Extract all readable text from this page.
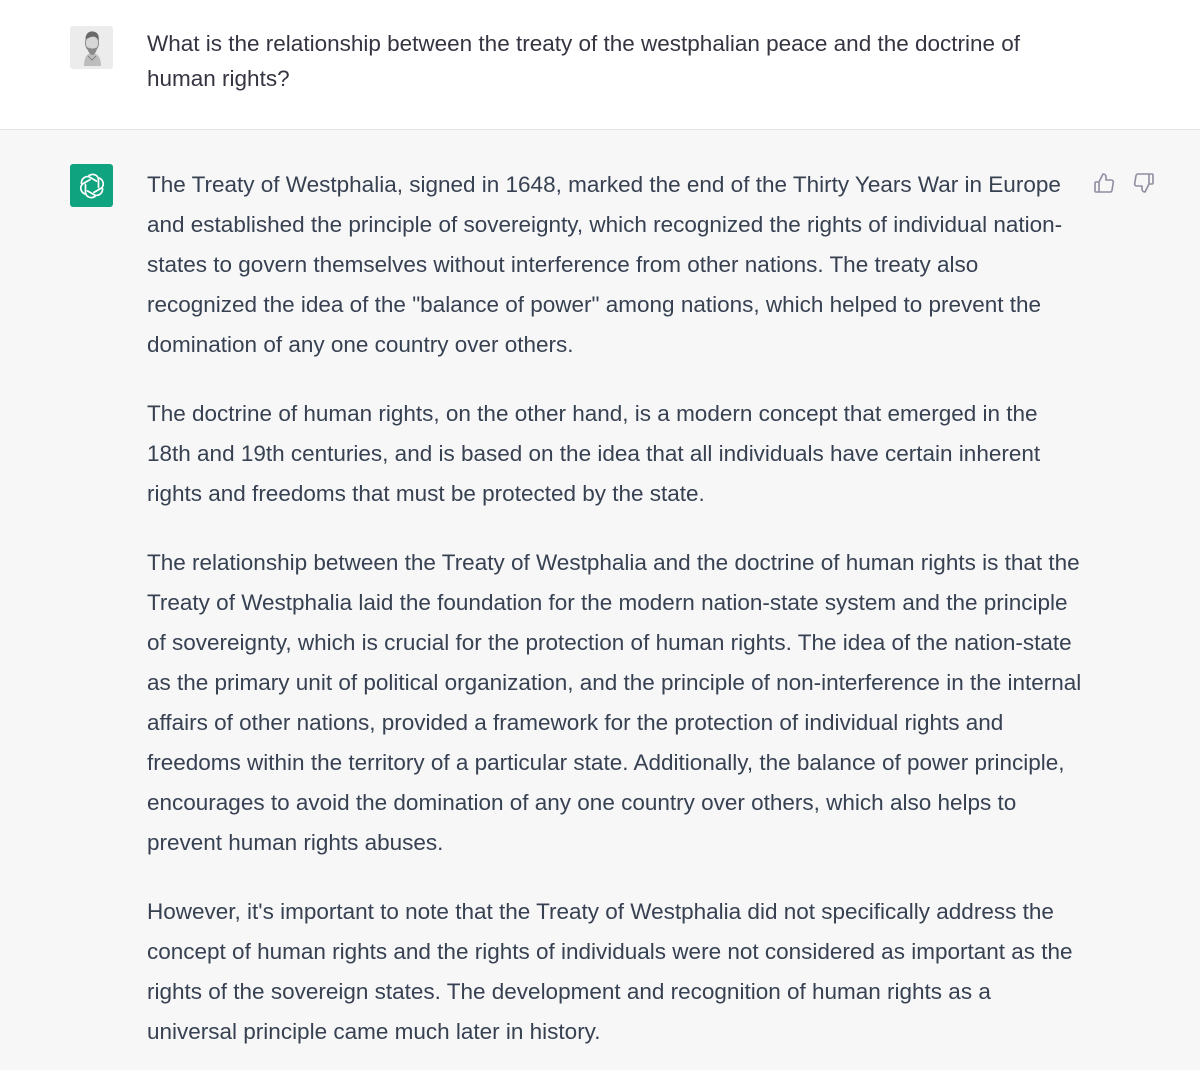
What is the relationship between the treaty of the westphalian peace and the doctrine of human rights?

The Treaty of Westphalia, signed in 1648, marked the end of the Thirty Years War in Europe and established the principle of sovereignty, which recognized the rights of individual nation-states to govern themselves without interference from other nations. The treaty also recognized the idea of the "balance of power" among nations, which helped to prevent the domination of any one country over others.

The doctrine of human rights, on the other hand, is a modern concept that emerged in the 18th and 19th centuries, and is based on the idea that all individuals have certain inherent rights and freedoms that must be protected by the state.

The relationship between the Treaty of Westphalia and the doctrine of human rights is that the Treaty of Westphalia laid the foundation for the modern nation-state system and the principle of sovereignty, which is crucial for the protection of human rights. The idea of the nation-state as the primary unit of political organization, and the principle of non-interference in the internal affairs of other nations, provided a framework for the protection of individual rights and freedoms within the territory of a particular state. Additionally, the balance of power principle, encourages to avoid the domination of any one country over others, which also helps to prevent human rights abuses.

However, it's important to note that the Treaty of Westphalia did not specifically address the concept of human rights and the rights of individuals were not considered as important as the rights of the sovereign states. The development and recognition of human rights as a universal principle came much later in history.
